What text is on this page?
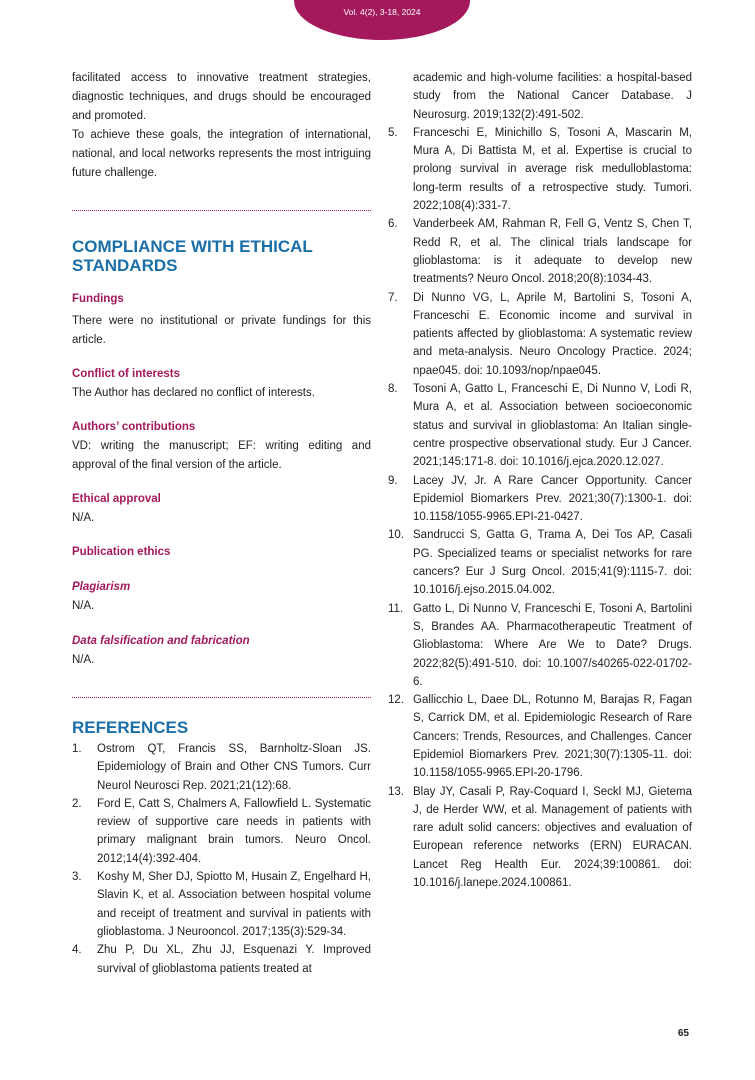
Vol. 4(2), 3-18, 2024

facilitated access to innovative treatment strategies, diagnostic techniques, and drugs should be encouraged and promoted.

To achieve these goals, the integration of international, national, and local networks represents the most intriguing future challenge.

COMPLIANCE WITH ETHICAL STANDARDS
Fundings

There were no institutional or private fundings for this article.

Conflict of interests

The Author has declared no conflict of interests.

Authors’ contributions

VD: writing the manuscript; EF: writing editing and approval of the final version of the article.

Ethical approval

N/A.

Publication ethics
Plagiarism

N/A.

Data falsification and fabrication

N/A.

REFERENCES
1.	Ostrom QT, Francis SS, Barnholtz-Sloan JS. Epidemiology of Brain and Other CNS Tumors. Curr Neurol Neurosci Rep. 2021;21(12):68.
2.	Ford E, Catt S, Chalmers A, Fallowfield L. Systematic review of supportive care needs in patients with primary malignant brain tumors. Neuro Oncol. 2012;14(4):392-404.
3.	Koshy M, Sher DJ, Spiotto M, Husain Z, Engelhard H, Slavin K, et al. Association between hospital volume and receipt of treatment and survival in patients with glioblastoma. J Neurooncol. 2017;135(3):529-34.
4.	Zhu P, Du XL, Zhu JJ, Esquenazi Y. Improved survival of glioblastoma patients treated at
academic and high-volume facilities: a hospital-based study from the National Cancer Database. J Neurosurg. 2019;132(2):491-502.
5.	Franceschi E, Minichillo S, Tosoni A, Mascarin M, Mura A, Di Battista M, et al. Expertise is crucial to prolong survival in average risk medulloblastoma: long-term results of a retrospective study. Tumori. 2022;108(4):331-7.
6.	Vanderbeek AM, Rahman R, Fell G, Ventz S, Chen T, Redd R, et al. The clinical trials landscape for glioblastoma: is it adequate to develop new treatments? Neuro Oncol. 2018;20(8):1034-43.
7.	Di Nunno VG, L, Aprile M, Bartolini S, Tosoni A, Franceschi E. Economic income and survival in patients affected by glioblastoma: A systematic review and meta-analysis. Neuro Oncology Practice. 2024; npae045. doi: 10.1093/nop/npae045.
8.	Tosoni A, Gatto L, Franceschi E, Di Nunno V, Lodi R, Mura A, et al. Association between socioeconomic status and survival in glioblastoma: An Italian single-centre prospective observational study. Eur J Cancer. 2021;145:171-8. doi: 10.1016/j.ejca.2020.12.027.
9.	Lacey JV, Jr. A Rare Cancer Opportunity. Cancer Epidemiol Biomarkers Prev. 2021;30(7):1300-1. doi: 10.1158/1055-9965.EPI-21-0427.
10. Sandrucci S, Gatta G, Trama A, Dei Tos AP, Casali PG. Specialized teams or specialist networks for rare cancers? Eur J Surg Oncol. 2015;41(9):1115-7. doi: 10.1016/j.ejso.2015.04.002.
11. Gatto L, Di Nunno V, Franceschi E, Tosoni A, Bartolini S, Brandes AA. Pharmacotherapeutic Treatment of Glioblastoma: Where Are We to Date? Drugs. 2022;82(5):491-510. doi: 10.1007/s40265-022-01702-6.
12. Gallicchio L, Daee DL, Rotunno M, Barajas R, Fagan S, Carrick DM, et al. Epidemiologic Research of Rare Cancers: Trends, Resources, and Challenges. Cancer Epidemiol Biomarkers Prev. 2021;30(7):1305-11. doi: 10.1158/1055-9965.EPI-20-1796.
13. Blay JY, Casali P, Ray-Coquard I, Seckl MJ, Gietema J, de Herder WW, et al. Management of patients with rare adult solid cancers: objectives and evaluation of European reference networks (ERN) EURACAN. Lancet Reg Health Eur. 2024;39:100861. doi: 10.1016/j.lanepe.2024.100861.
65
